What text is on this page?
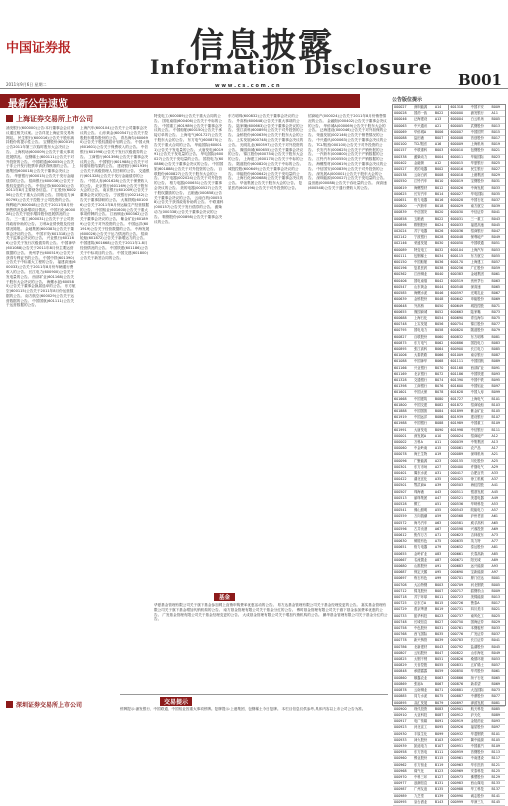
中国证券报	信息披露
Information Disclosure
B001
2011年9月6日 星期二	w w w . c s . c o m . c n
最新公告速览
上海证券交易所上市公司
浦发银行(600000)公告:本行董事会会议审议通过相关议案。公告详见上海证券交易所网站。 民生银行(600016)公告关于股东减持股份的提示性公告。 宝钢股份(600019)公告2011年第三次临时股东大会决议公告。 上海机场(600009)公告关于重大事项进展情况。 包钢稀土(600111)公告关于对外投资的公告。 中国联通(600050)公告关于非公开发行股票申请获得核准的公告。 上港集团(600018)公告关于董事会决议公告。 华夏银行(600015)公告关于发行金融债券的公告。 招商银行(600036)公告关于股权变更的公告。 中信证券(600030)公告2011年8月主要财务信息。 广汇股份(600256)公告关于重大合同的公告。 国电电力(600795)公告关于控股子公司投资的公告。 保利地产(600048)公告关于2011年8月份销售情况及新增项目情况。 中国石化(600028)公告关于股东增持股份进展情况的公告。 三一重工(600031)公告关于子公司获得政府补助的公告。 万科A业绩快报及经营情况简报。 金地集团(600383)公告关于董事会决议的公告。 中国平安(601318)公告关于监事会决议的公告。 兴业银行(601166)公告关于发行次级债券的公告。 中国神华(601088)公告关于2011年8月份主要运营数据的公告。 贵州茅台(600519)公告关于获得专利证书的公告。 中国中铁(601390)公告关于中标重大工程的公告。 福建高速(600033)公告关于2011年8月份车辆通行费收入的公告。 长江电力(600900)公告关于发电量的公告。 西部矿业(601168)公告关于股东大会决议的公告。 海螺水泥(600585)公告关于董事会换届选举的公告。 东方航空(600115)公告关于2011年8月份运营数据的公告。 南方航空(600029)公告关于运营数据的公告。 中国国航(601111)公告关于运营数据的公告。
上海汽车(600104)公告关于公司董事会决议的公告。 山东黄金(600547)公告关于控股股东增持股份的公告。 青岛海尔(600690)公告关于股权激励计划的公告。 中国太保(601601)公告关于保费收入的公告。 中信银行(601998)公告关于发行次级债券的公告。 工商银行(601398)公告关于董事会决议的公告。 中国银行(601988)公告关于可转债转股结果的公告。 建设银行(601939)公告关于高级管理人员任职的公告。 交通银行(601328)公告关于发行金融债券的公告。 中国人寿(601628)公告关于保费收入的公告。 北京银行(601169)公告关于股东大会的公告。 南京银行(601009)公告关于董事会决议的公告。 宁波银行(002142)公告关于董事辞职的公告。 大秦铁路(601006)公告关于2011年8月份运输生产经营数据的公告。 中国铝业(601600)公告关于重大事项停牌的公告。 江西铜业(600362)公告关于董事会决议的公告。 紫金矿业(601899)公告关于对外投资的公告。 中国远洋(601919)公告关于经营数据的公告。 中海发展(600026)公告关于运力情况的公告。 招商轮船(601872)公告关于新增运力的公告。 中国建筑(601668)公告关于2011年1-8月经营情况的公告。 中国铁建(601186)公告关于中标项目的公告。 中国交建(601800)公告关于新签合同的公告。
特变电工(600089)公告关于重大合同的公告。 国电南瑞(600406)公告关于中标的公告。 中国重工(601989)公告关于董事会决议的公告。 中国船舶(600150)公告关于承接订单的公告。 上海电气(601727)公告关于股东大会的公告。 东方电气(600875)公告关于重大合同的公告。 华能国际(600011)公告关于发电量的公告。 大唐发电(601991)公告关于发电量的公告。 华电国际(600027)公告关于发电量的公告。 国投电力(600886)公告关于董事会决议的公告。 中国国旅(601888)公告关于对外投资的公告。 百联股份(600827)公告关于股东大会的公告。 苏宁电器(002024)公告关于对外投资的公告。 格力电器(000651)公告关于董事会决议的公告。 美的电器(000527)公告关于股权激励的公告。 五粮液(000858)公告关于董事会决议的公告。 云南白药(000538)公告关于获得政府补助的公告。 中联重科(000157)公告关于发行债券的公告。 潍柴动力(000338)公告关于董事会决议的公告。 鞍钢股份(000898)公告关于董事会决议的公告。
东方明珠(600832)公告关于董事会决议的公告。 外高桥(600648)公告关于重大事项的公告。 陆家嘴(600663)公告关于董事会决议的公告。 张江高科(600895)公告关于对外投资的公告。 金桥股份(600639)公告关于股东大会的公告。 上实发展(600748)公告关于董事会决议的公告。 光明乳业(600597)公告关于对外投资的公告。 豫园商城(600655)公告关于董事会决议的公告。 锦江股份(600754)公告关于股东大会的公告。 上海建工(600170)公告关于中标的公告。 隧道股份(600820)公告关于中标的公告。 城投控股(600649)公告关于董事会决议的公告。 申能股份(600642)公告关于发电量的公告。 上海石化(600688)公告关于董事会决议的公告。 华谊集团公告关于股东大会的公告。 复星医药(600196)公告关于对外投资的公告。
招商地产(000024)公告关于2011年8月份销售情况的公告。 金融街(000402)公告关于董事会决议的公告。 华侨城A(000069)公告关于股东大会的公告。 泛海建设(000046)公告关于对外担保的公告。 荣盛发展(002146)公告关于销售情况的公告。 中兴通讯(000063)公告关于董事会决议的公告。 TCL集团(000100)公告关于对外投资的公告。 长安汽车(000625)公告关于产销快报的公告。 一汽轿车(000800)公告关于产销数据的公告。 江铃汽车(000550)公告关于产销数据的公告。 海螺型材(000619)公告关于董事会决议的公告。 中信国安(000839)公告关于对外投资的公告。 深发展A(000001)公告关于股东大会的公告。 深圳能源(000027)公告关于发电量的公告。 盐田港(000088)公告关于吞吐量的公告。 深高速(600548)公告关于通行费收入的公告。
基金
华夏基金管理有限公司关于旗下基金参加网上直销申购费率优惠活动的公告。 易方达基金管理有限公司关于基金经理变更的公告。 嘉实基金管理有限公司关于旗下基金增加代销机构的公告。 南方基金管理有限公司关于基金分红的公告。 博时基金管理有限公司关于旗下基金参加费率优惠的公告。 广发基金管理有限公司关于基金经理变更的公告。 大成基金管理有限公司关于增加代销机构的公告。 鹏华基金管理有限公司关于基金分红的公告。
深圳证券交易所上市公司	交易提示
停牌提示:浦发银行、中国联通、中国铝业因重大事项停牌。复牌提示:上港集团、包钢稀土今日复牌。 本栏目信息仅供参考,具体内容以上市公司公告为准。
公告版位提示
000027	深圳能源	A14	601318	中国平安	B009
000028	国药一致	B022	600000	浦发银行	A11
000046	泛海建设	A13	600004	白云机场	B005
000063	中兴通讯	A21	600005	武钢股份	B013
000069	华侨城A	B006	600007	中国国贸	B015
000088	盐田港	B007	600008	首创股份	B017
000100	TCL集团	A16	600009	上海机场	B019
000157	中联重科	B003	600010	包钢股份	B021
000338	潍柴动力	B004	600011	华能国际	B023
000402	金融街	A12	600015	华夏银行	B025
000527	美的电器	B002	600016	民生银行	B027
000538	云南白药	B008	600018	上港集团	B029
000550	江铃汽车	B010	600019	宝钢股份	B031
000619	海螺型材	B012	600026	中海发展	B033
000625	长安汽车	B014	600027	华电国际	B035
000651	格力电器	B016	600028	中国石化	B037
000800	一汽轿车	B018	600029	南方航空	B039
000839	中信国安	B020	600030	中信证券	B041
000858	五粮液	B022	600031	三一重工	B043
000898	鞍钢股份	B024	600033	福建高速	B045
002024	苏宁电器	B026	600036	招商银行	B047
002142	宁波银行	B028	600048	保利地产	B049
002146	荣盛发展	B030	600050	中国联通	B051
600089	特变电工	B032	600104	上海汽车	B053
600111	包钢稀土	B034	600115	东方航空	B055
600150	中国船舶	B036	600170	上海建工	B057
600196	复星医药	B038	600256	广汇股份	B059
600362	江西铜业	B040	600383	金地集团	B061
600406	国电南瑞	B042	600519	贵州茅台	B063
600547	山东黄金	B044	600548	深高速	B065
600585	海螺水泥	B046	600597	光明乳业	B067
600639	金桥股份	B048	600642	申能股份	B069
600648	外高桥	B050	600649	城投控股	B071
600655	豫园商城	B052	600663	陆家嘴	B073
600688	上海石化	B054	600690	青岛海尔	B075
600748	上实发展	B056	600754	锦江股份	B077
600795	国电电力	B058	600820	隧道股份	B079
600827	百联股份	B060	600832	东方明珠	B081
600875	东方电气	B062	600886	国投电力	B083
600895	张江高科	B064	600900	长江电力	B085
601006	大秦铁路	B066	601009	南京银行	B087
601088	中国神华	B068	601111	中国国航	B089
601166	兴业银行	B070	601168	西部矿业	B091
601169	北京银行	B072	601186	中国铁建	B093
601328	交通银行	B074	601390	中国中铁	B095
601398	工商银行	B076	601600	中国铝业	B097
601601	中国太保	B078	601628	中国人寿	B099
601668	中国建筑	B080	601727	上海电气	B101
601800	中国交建	B082	601872	招商轮船	B103
601888	中国国旅	B084	601899	紫金矿业	B105
601919	中国远洋	B086	601939	建设银行	B107
601988	中国银行	B088	601989	中国重工	B109
601991	大唐发电	B090	601998	中信银行	B111
000001	深发展A	A10	000024	招商地产	A12
000002	万科A	A11	000039	中集集团	A13
000060	中金岭南	A15	000061	农产品	A17
000078	海王生物	A19	000089	深圳机场	A21
000096	广聚能源	A23	000155	川化股份	A25
000301	东方市场	A27	000400	许继电气	A29
000401	冀东水泥	A31	000417	合肥百货	A33
000422	湖北宜化	A35	000425	徐工机械	A37
000501	鄂武商A	A39	000503	海虹控股	A41
000507	珠海港	A43	000511	银基发展	A45
000513	丽珠集团	A47	000521	美菱电器	A49
000528	柳工	A51	000536	华映科技	A53
000541	佛山照明	A55	000543	皖能电力	A57
000559	万向钱潮	A59	000568	泸州老窖	A61
000572	海马汽车	A63	000581	威孚高科	A65
000596	古井贡酒	A67	000598	兴蓉投资	A69
000612	焦作万方	A71	000623	吉林敖东	A73
000630	铜陵有色	A75	000635	英力特	A77
000651	格力电器	A79	000652	泰达股份	A81
000655	金岭矿业	A83	000661	长春高新	A85
000667	名流置业	A87	000671	阳光城	A89
000680	山推股份	A91	000683	远兴能源	A93
000687	保定天鹅	A95	000690	宝新能源	A97
000697	炼石有色	A99	000701	厦门信达	B001
000708	大冶特钢	B003	000709	河北钢铁	B005
000712	锦龙股份	B007	000717	韶钢松山	B009
000718	苏宁环球	B011	000723	美锦能源	B013
000725	京东方A	B015	000726	鲁泰A	B017
000729	燕京啤酒	B019	000731	四川美丰	B021
000733	振华科技	B023	000737	南风化工	B025
000748	长城信息	B027	000750	国海证券	B029
000758	中色股份	B031	000761	本钢板材	B033
000768	西飞国际	B035	000776	广发证券	B037
000778	新兴铸管	B039	000783	长江证券	B041
000786	北新建材	B043	000792	盐湖股份	B045
000807	云铝股份	B047	000822	山东海化	B049
000825	太钢不锈	B051	000826	桑德环境	B053
000829	天音控股	B055	000831	五矿稀土	B057
000848	承德露露	B059	000850	华茂股份	B061
000860	顺鑫农业	B063	000866	扬子石化	B065
000869	张裕A	B067	000876	新希望	B069
000878	云南铜业	B071	000881	大连国际	B073
000885	同力水泥	B075	000887	中鼎股份	B077
000895	双汇发展	B079	000897	津滨发展	B081
000900	现代投资	B083	000901	航天科技	B085
000910	大亚科技	B087	000912	泸天化	B089
000917	电广传媒	B091	000919	金陵药业	B093
000923	河北宣工	B095	000926	福星股份	B097
000930	丰原生化	B099	000932	华菱钢铁	B101
000933	神火股份	B103	000937	冀中能源	B105
000939	凯迪电力	B107	000951	中国重汽	B109
000958	东方热电	B111	000959	首钢股份	B113
000960	锡业股份	B115	000961	中南建设	B117
000962	东方钽业	B119	000963	华东医药	B121
000968	煤气化	B123	000969	安泰科技	B125
000970	中科三环	B127	000973	佛塑股份	B129
000977	浪潮信息	B131	000983	西山煤电	B133
000987	广州友谊	B135	000988	华工科技	B137
000989	九芝堂	B139	000990	诚志股份	B141
000995	皇台酒业	B143	000999	华润三九	B145
